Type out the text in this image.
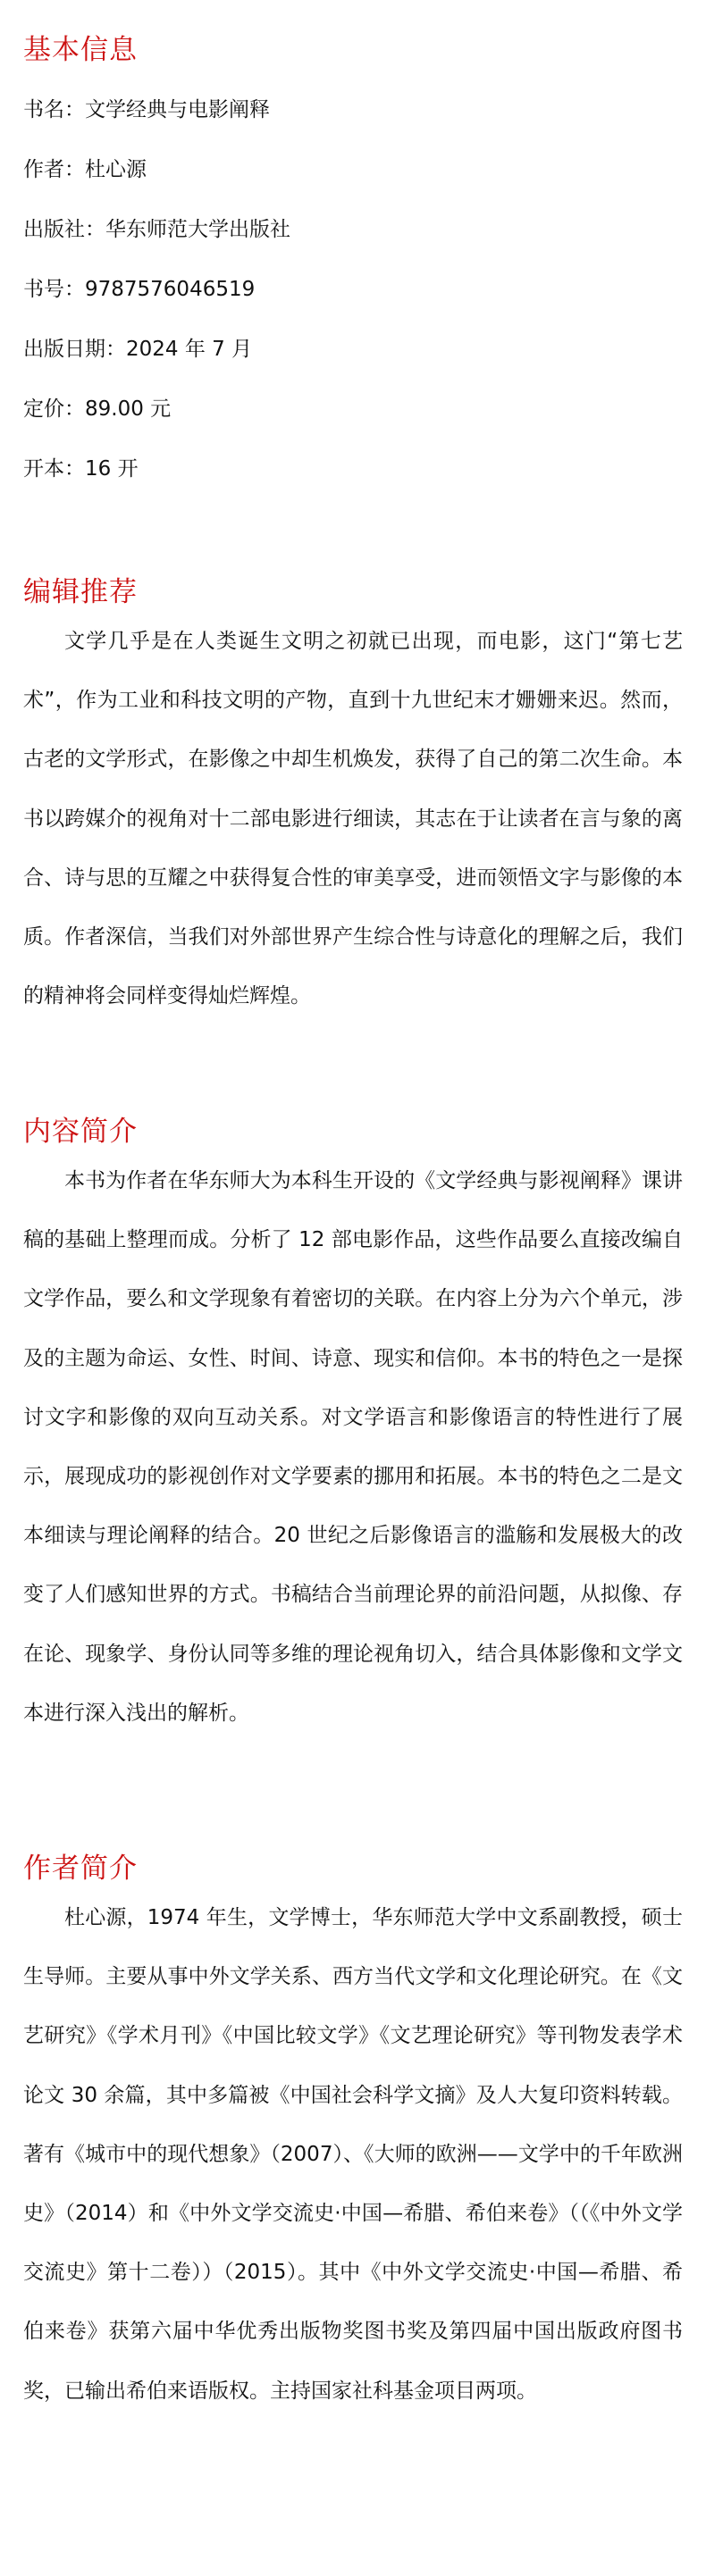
基本信息
书名：文学经典与电影阐释
作者：杜心源
出版社：华东师范大学出版社
书号：9787576046519
出版日期：2024 年 7 月
定价：89.00 元
开本：16 开
编辑推荐

文学几乎是在人类诞生文明之初就已出现，而电影，这门“第七艺术”，作为工业和科技文明的产物，直到十九世纪末才姗姗来迟。然而，古老的文学形式，在影像之中却生机焕发，获得了自己的第二次生命。本书以跨媒介的视角对十二部电影进行细读，其志在于让读者在言与象的离合、诗与思的互耀之中获得复合性的审美享受，进而领悟文字与影像的本质。作者深信，当我们对外部世界产生综合性与诗意化的理解之后，我们的精神将会同样变得灿烂辉煌。

内容简介

本书为作者在华东师大为本科生开设的《文学经典与影视阐释》课讲稿的基础上整理而成。分析了 12 部电影作品，这些作品要么直接改编自文学作品，要么和文学现象有着密切的关联。在内容上分为六个单元，涉及的主题为命运、女性、时间、诗意、现实和信仰。本书的特色之一是探讨文字和影像的双向互动关系。对文学语言和影像语言的特性进行了展示，展现成功的影视创作对文学要素的挪用和拓展。本书的特色之二是文本细读与理论阐释的结合。20 世纪之后影像语言的滥觞和发展极大的改变了人们感知世界的方式。书稿结合当前理论界的前沿问题，从拟像、存在论、现象学、身份认同等多维的理论视角切入，结合具体影像和文学文本进行深入浅出的解析。

作者简介

杜心源，1974 年生，文学博士，华东师范大学中文系副教授，硕士生导师。主要从事中外文学关系、西方当代文学和文化理论研究。在《文艺研究》《学术月刊》《中国比较文学》《文艺理论研究》等刊物发表学术论文 30 余篇，其中多篇被《中国社会科学文摘》及人大复印资料转载。著有《城市中的现代想象》（2007）、《大师的欧洲——文学中的千年欧洲史》（2014）和《中外文学交流史·中国—希腊、希伯来卷》（（《中外文学交流史》第十二卷））（2015）。其中《中外文学交流史·中国—希腊、希伯来卷》获第六届中华优秀出版物奖图书奖及第四届中国出版政府图书奖，已输出希伯来语版权。主持国家社科基金项目两项。
